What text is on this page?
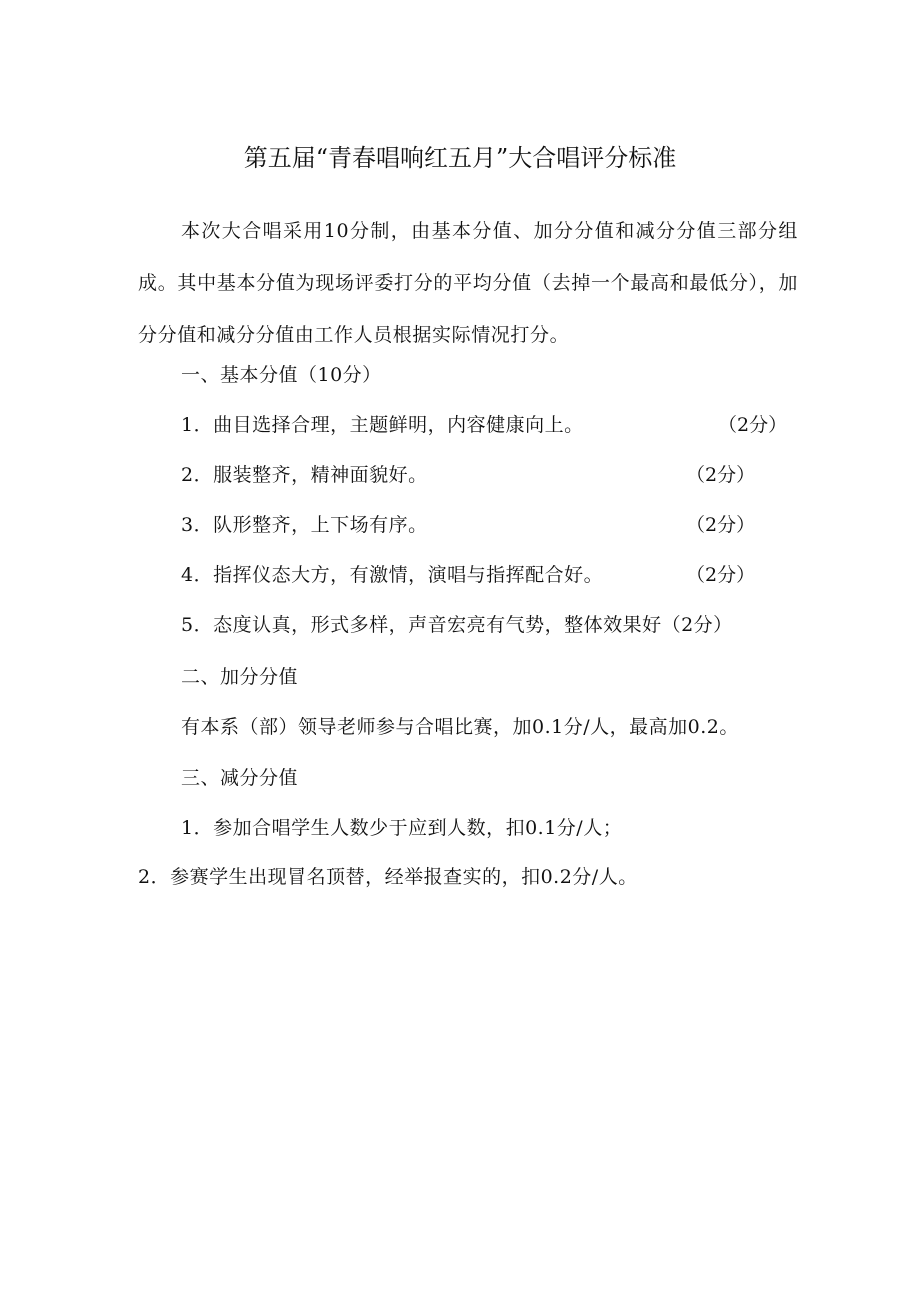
第五届“青春唱响红五月”大合唱评分标准
本次大合唱采用10分制，由基本分值、加分分值和减分分值三部分组成。其中基本分值为现场评委打分的平均分值（去掉一个最高和最低分），加分分值和减分分值由工作人员根据实际情况打分。
一、基本分值（10分）
1．曲目选择合理，主题鲜明，内容健康向上。	（2分）
2．服装整齐，精神面貌好。	（2分）
3．队形整齐，上下场有序。	（2分）
4．指挥仪态大方，有激情，演唱与指挥配合好。	（2分）
5．态度认真，形式多样，声音宏亮有气势，整体效果好（2分）
二、加分分值
有本系（部）领导老师参与合唱比赛，加0.1分/人，最高加0.2。
三、减分分值
1．参加合唱学生人数少于应到人数，扣0.1分/人；
2．参赛学生出现冒名顶替，经举报查实的，扣0.2分/人。
